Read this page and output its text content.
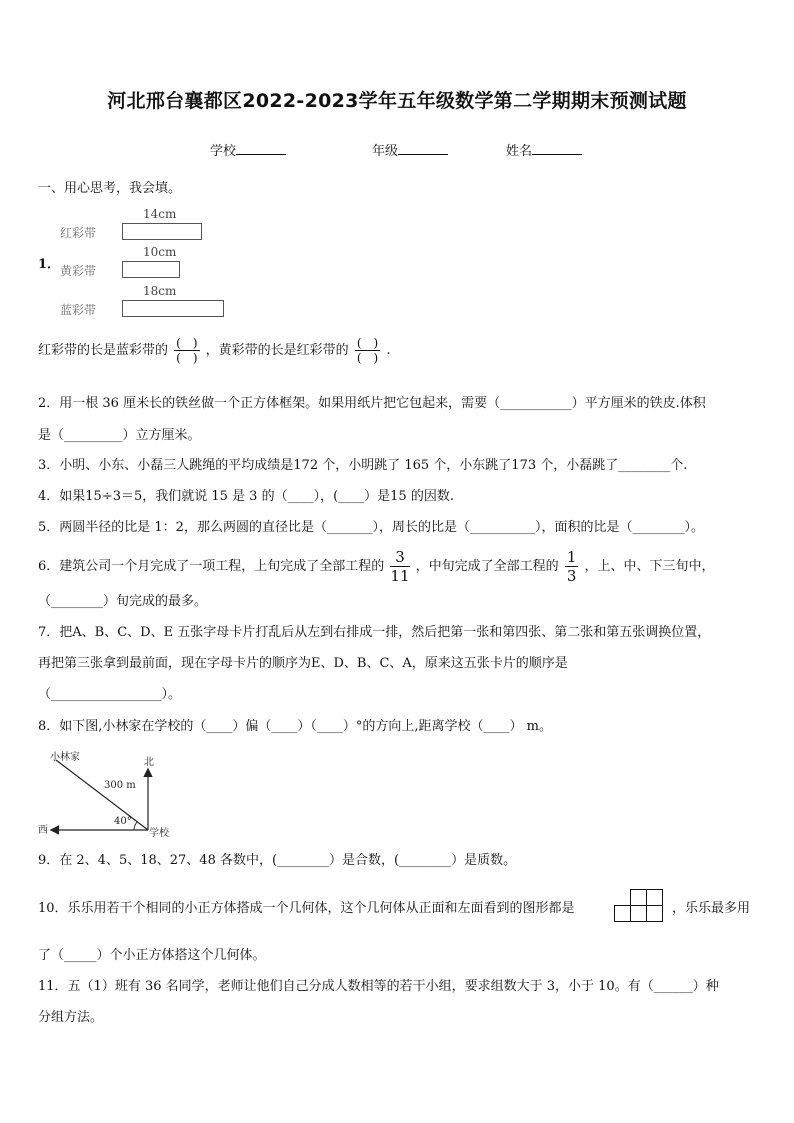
河北邢台襄都区2022-2023学年五年级数学第二学期期末预测试题
学校	年级	姓名
一、用心思考，我会填。
1．
14cm
红彩带
10cm
黄彩带
18cm
蓝彩带
红彩带的长是蓝彩带的 $\frac{( )}{( )}$ ，黄彩带的长是红彩带的 $\frac{( )}{( )}$ .
2．用一根 36 厘米长的铁丝做一个正方体框架。如果用纸片把它包起来，需要（___________）平方厘米的铁皮.体积
是（_________）立方厘米。
3．小明、小东、小磊三人跳绳的平均成绩是172 个，小明跳了 165 个，小东跳了173 个，小磊跳了________个.
4．如果15÷3＝5，我们就说 15 是 3 的（____），(____）是15 的因数.
5．两圆半径的比是 1：2，那么两圆的直径比是（_______），周长的比是（__________），面积的比是（________）。
6．建筑公司一个月完成了一项工程，上旬完成了全部工程的 $\frac{3}{11}$ ，中旬完成了全部工程的 $\frac{1}{3}$ ，上、中、下三旬中，
（________）旬完成的最多。
7．把A、B、C、D、E 五张字母卡片打乱后从左到右排成一排，然后把第一张和第四张、第二张和第五张调换位置，
再把第三张拿到最前面，现在字母卡片的顺序为E、D、B、C、A，原来这五张卡片的顺序是
（_________________）。
8．如下图,小林家在学校的（____）偏（____）（____）°的方向上,距离学校（____） m。
小林家	北
西	学校
300 m
40°
9．在 2、4、5、18、27、48 各数中，(________）是合数，(________）是质数。
10．乐乐用若干个相同的小正方体搭成一个几何体，这个几何体从正面和左面看到的图形都是	，乐乐最多用
了（_____）个小正方体搭这个几何体。
11．五（1）班有 36 名同学，老师让他们自己分成人数相等的若干小组，要求组数大于 3，小于 10。有（______）种
分组方法。
